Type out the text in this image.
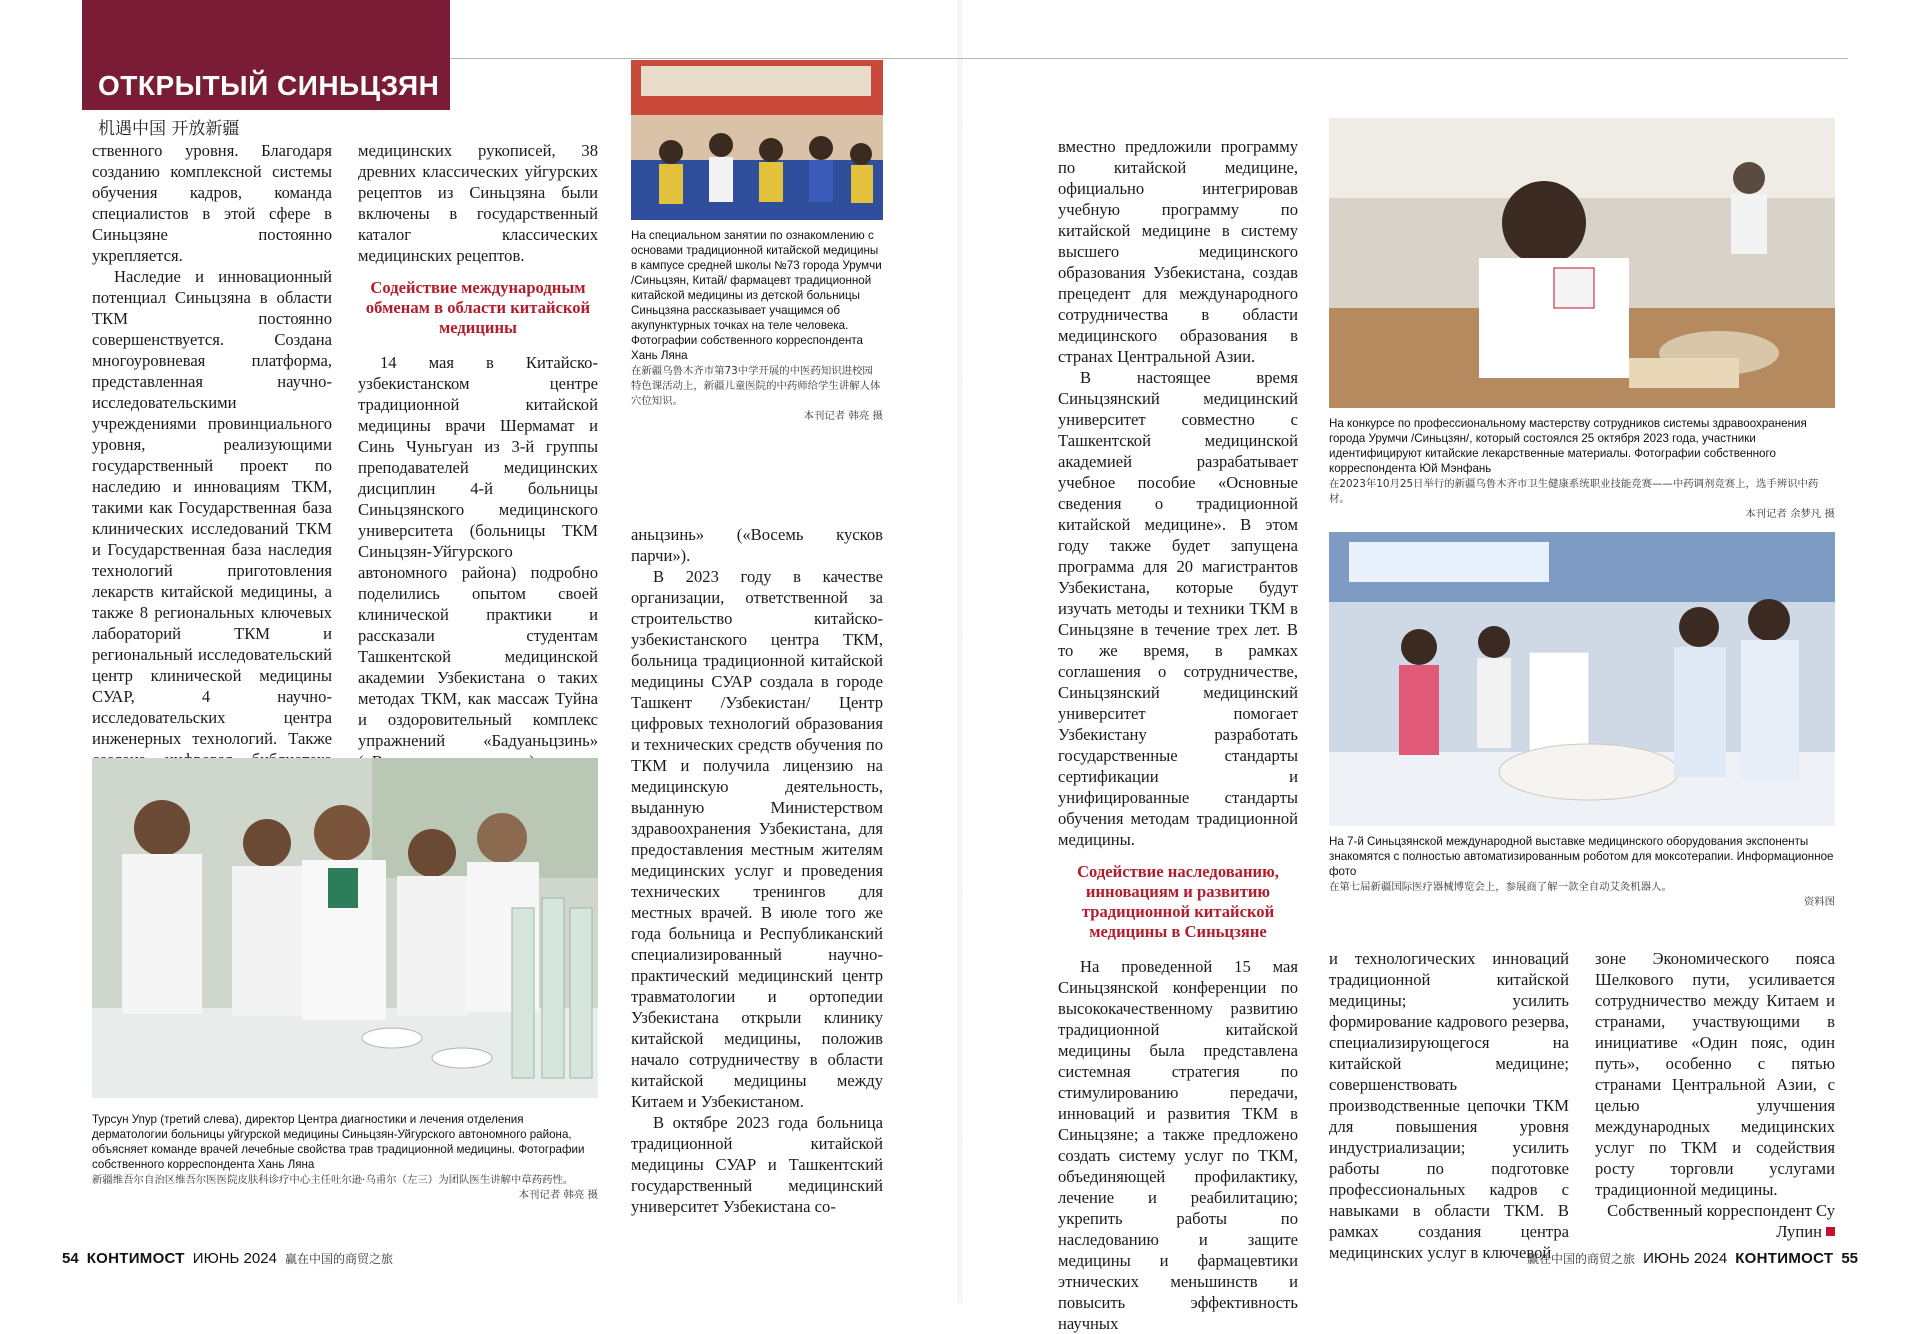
ОТКРЫТЫЙ СИНЬЦЗЯН
机遇中国 开放新疆

ственного уровня. Благодаря созданию комплексной системы обучения кадров, команда специалистов в этой сфере в Синьцзяне постоянно укрепляется.

Наследие и инновационный потенциал Синьцзяна в области ТКМ постоянно совершенствуется. Создана многоуровневая платформа, представленная научно-исследовательскими учреждениями провинциального уровня, реализующими государственный проект по наследию и инновациям ТКМ, такими как Государственная база клинических исследований ТКМ и Государственная база наследия технологий приготовления лекарств китайской медицины, а также 8 региональных ключевых лабораторий ТКМ и региональный исследовательский центр клинической медицины СУАР, 4 научно-исследовательских центра инженерных технологий. Также

медицинских рукописей, 38 древних классических уйгурских рецептов из Синьцзяна были включены в государственный каталог классических медицинских рецептов.

Содействие международным обменам в области китайской медицины

14 мая в Китайско-узбекистанском центре традиционной китайской медицины врачи Шермамат и Синь Чуньгуан из 3-й группы преподавателей медицинских дисциплин 4-й больницы Синьцзянского медицинского университета (больницы ТКМ Синьцзян-Уйгурского автономного района) подробно поделились опытом своей клинической практики и рассказали студентам Ташкентской медицинской академии Узбекистана о таких методах ТКМ, как массаж Туйна и оздоровительный комплекс упражнений «Бадуаньцзинь»

На специальном занятии по ознакомлению с основами традиционной китайской медицины в кампусе средней школы №73 города Урумчи /Синьцзян, Китай/ фармацевт традиционной китайской медицины из детской больницы Синьцзяна рассказывает учащимся об акупунктурных точках на теле человека. Фотографии собственного корреспондента Хань Ляна
在新疆乌鲁木齐市第73中学开展的中医药知识进校园特色课活动上，新疆儿童医院的中药师给学生讲解人体穴位知识。
本刊记者 韩亮 摄

аньцзинь» («Восемь кусков парчи»).

В 2023 году в качестве организации, ответственной за строительство китайско-узбекистанского центра ТКМ, больница традиционной китайской медицины СУАР создала в городе Ташкент /Узбекистан/ Центр цифровых технологий образования и технических средств обучения по ТКМ и получила лицензию на медицинскую деятельность, выданную Министерством здравоохранения Узбекистана, для предоставления местным жителям медицинских услуг и проведения технических тренингов для местных врачей. В июле того же года больница и Республиканский специализированный научно-практический медицинский центр травматологии и ортопедии Узбекистана открыли клинику китайской медицины, положив начало сотрудничеству в области китайской медицины между Китаем и Узбекистаном.

В октябре 2023 года больница традиционной китайской медицины СУАР и Ташкентский государственный медицинский университет Узбекистана со-

Турсун Упур (третий слева), директор Центра диагностики и лечения отделения дерматологии больницы уйгурской медицины Синьцзян-Уйгурского автономного района, объясняет команде врачей лечебные свойства трав традиционной медицины. Фотографии собственного корреспондента Хань Ляна
新疆维吾尔自治区维吾尔医医院皮肤科诊疗中心主任吐尔逊·乌甫尔（左三）为团队医生讲解中草药药性。
本刊记者 韩亮 摄
54 КОНТИМОСТ ИЮНЬ 2024 赢在中国的商贸之旅

вместно предложили программу по китайской медицине, официально интегрировав учебную программу по китайской медицине в систему высшего медицинского образования Узбекистана, создав прецедент для международного сотрудничества в области медицинского образования в странах Центральной Азии.

В настоящее время Синьцзянский медицинский университет совместно с Ташкентской медицинской академией разрабатывает учебное пособие «Основные сведения о традиционной китайской медицине». В этом году также будет запущена программа для 20 магистрантов Узбекистана, которые будут изучать методы и техники ТКМ в Синьцзяне в течение трех лет. В то же время, в рамках соглашения о сотрудничестве, Синьцзянский медицинский университет помогает Узбекистану разработать государственные стандарты сертификации и унифицированные стандарты обучения методам традиционной медицины.

Содействие наследованию, инновациям и развитию традиционной китайской медицины в Синьцзяне

На проведенной 15 мая Синьцзянской конференции по высококачественному развитию традиционной китайской медицины была представлена системная стратегия по стимулированию передачи, инноваций и развития ТКМ в Синьцзяне; а также предложено создать систему услуг по ТКМ, объединяющей профилактику, лечение и реабилитацию; укрепить работы по наследованию и защите медицины и фармацевтики этнических меньшинств и повысить эффективность научных

На конкурсе по профессиональному мастерству сотрудников системы здравоохранения города Урумчи /Синьцзян/, который состоялся 25 октября 2023 года, участники идентифицируют китайские лекарственные материалы. Фотографии собственного корреспондента Юй Мэнфань
在2023年10月25日举行的新疆乌鲁木齐市卫生健康系统职业技能竞赛——中药调剂竞赛上，选手辨识中药材。
本刊记者 余梦凡 摄
На 7-й Синьцзянской международной выставке медицинского оборудования экспоненты знакомятся с полностью автоматизированным роботом для моксотерапии. Информационное фото
在第七届新疆国际医疗器械博览会上，参展商了解一款全自动艾灸机器人。
资料图

и технологических инноваций традиционной китайской медицины; усилить формирование кадрового резерва, специализирующегося на китайской медицине; совершенствовать производственные цепочки ТКМ для повышения уровня индустриализации; усилить работы по подготовке профессиональных кадров с навыками в области ТКМ. В рамках создания центра медицинских услуг в ключевой

зоне Экономического пояса Шелкового пути, усиливается сотрудничество между Китаем и странами, участвующими в инициативе «Один пояс, один путь», особенно с пятью странами Центральной Азии, с целью улучшения международных медицинских услуг по ТКМ и содействия росту торговли услугами традиционной медицины.

Собственный корреспондент Су Лупин

赢在中国的商贸之旅 ИЮНЬ 2024 КОНТИМОСТ 55
